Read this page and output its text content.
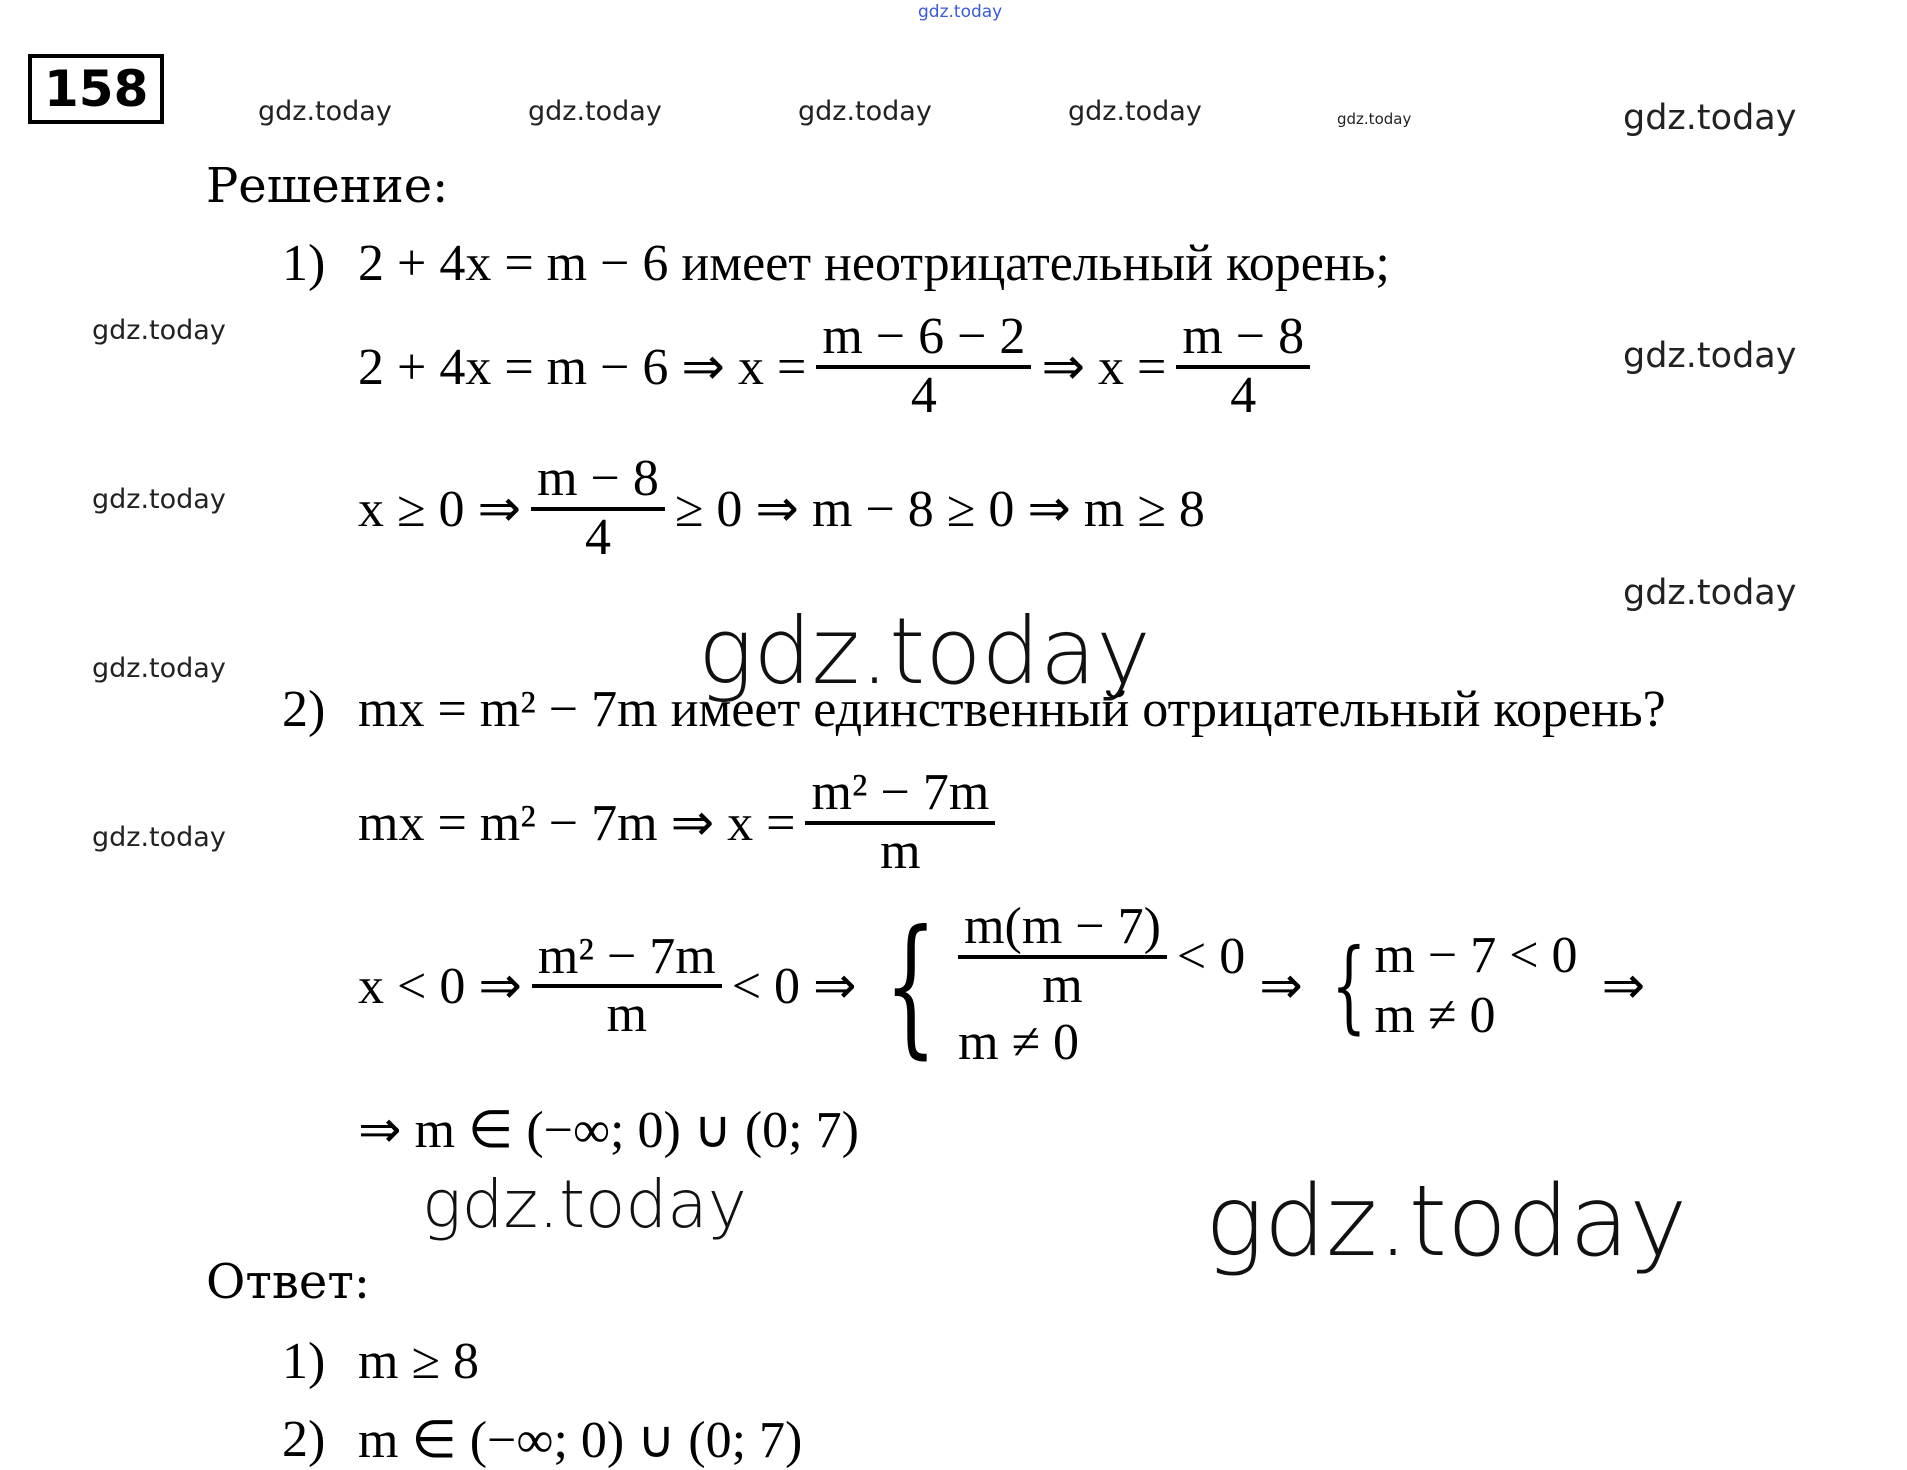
gdz.today
gdz.today	gdz.today	gdz.today	gdz.today	gdz.today	gdz.today
gdz.today
gdz.today
gdz.today
gdz.today
gdz.today
gdz.today
gdz.today
gdz.today	gdz.today
158
Решение:
1) 2 + 4x = m − 6 имеет неотрицательный корень;
2 + 4x = m − 6 ⇒ $x = \frac{m - 6 - 2}{4}$ ⇒ $x = \frac{m - 8}{4}$
x ≥ 0 ⇒ $\frac{m - 8}{4} \ge 0$ ⇒ m − 8 ≥ 0 ⇒ m ≥ 8
2) mx = m² − 7m имеет единственный отрицательный корень?
mx = m² − 7m ⇒ $x = \frac{\text{m² − 7m}}{m}$
x < 0 ⇒ $\frac{\text{m² − 7m}}{m} < 0$ ⇒ { $\frac{m(m - 7)}{m} < 0$
m ≠ 0
⇒ { m − 7 < 0
m ≠ 0
⇒
⇒ m ∈ (−∞; 0) ∪ (0; 7)
Ответ:
1) m ≥ 8
2) m ∈ (−∞; 0) ∪ (0; 7)
